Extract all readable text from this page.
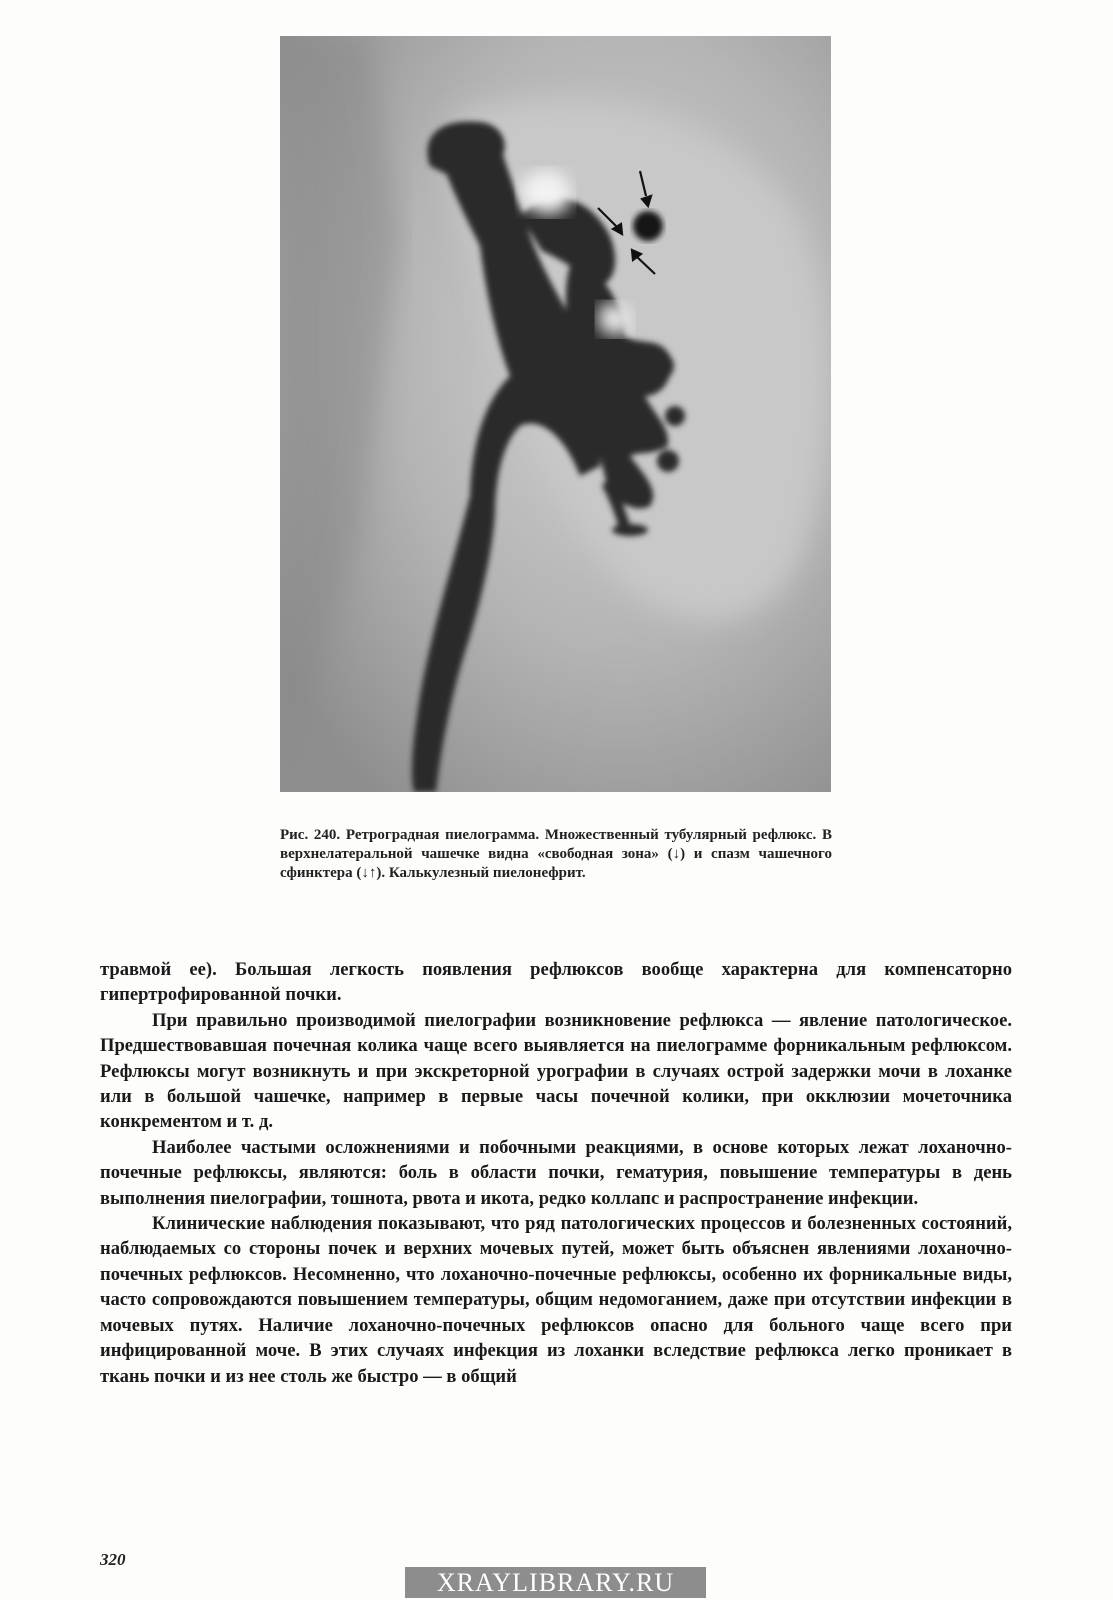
Рис. 240. Ретроградная пиелограмма. Множественный тубулярный рефлюкс. В верхнелатеральной чашечке видна «свободная зона» (↓) и спазм чашечного сфинктера (↓↑). Калькулезный пиелонефрит.

травмой ее). Большая легкость появления рефлюксов вообще характерна для компенсаторно гипертрофированной почки.

При правильно производимой пиелографии возникновение рефлюкса — явление патологическое. Предшествовавшая почечная колика чаще всего выявляется на пиелограмме форникальным рефлюксом. Рефлюксы могут возникнуть и при экскреторной урографии в случаях острой задержки мочи в лоханке или в большой чашечке, например в первые часы почечной колики, при окклюзии мочеточника конкрементом и т. д.

Наиболее частыми осложнениями и побочными реакциями, в основе которых лежат лоханочно-почечные рефлюксы, являются: боль в области почки, гематурия, повышение температуры в день выполнения пиелографии, тошнота, рвота и икота, редко коллапс и распространение инфекции.

Клинические наблюдения показывают, что ряд патологических процессов и болезненных состояний, наблюдаемых со стороны почек и верхних мочевых путей, может быть объяснен явлениями лоханочно-почечных рефлюксов. Несомненно, что лоханочно-почечные рефлюксы, особенно их форникальные виды, часто сопровождаются повышением температуры, общим недомоганием, даже при отсутствии инфекции в мочевых путях. Наличие лоханочно-почечных рефлюксов опасно для больного чаще всего при инфицированной моче. В этих случаях инфекция из лоханки вследствие рефлюкса легко проникает в ткань почки и из нее столь же быстро — в общий

320
XRAYLIBRARY.RU
